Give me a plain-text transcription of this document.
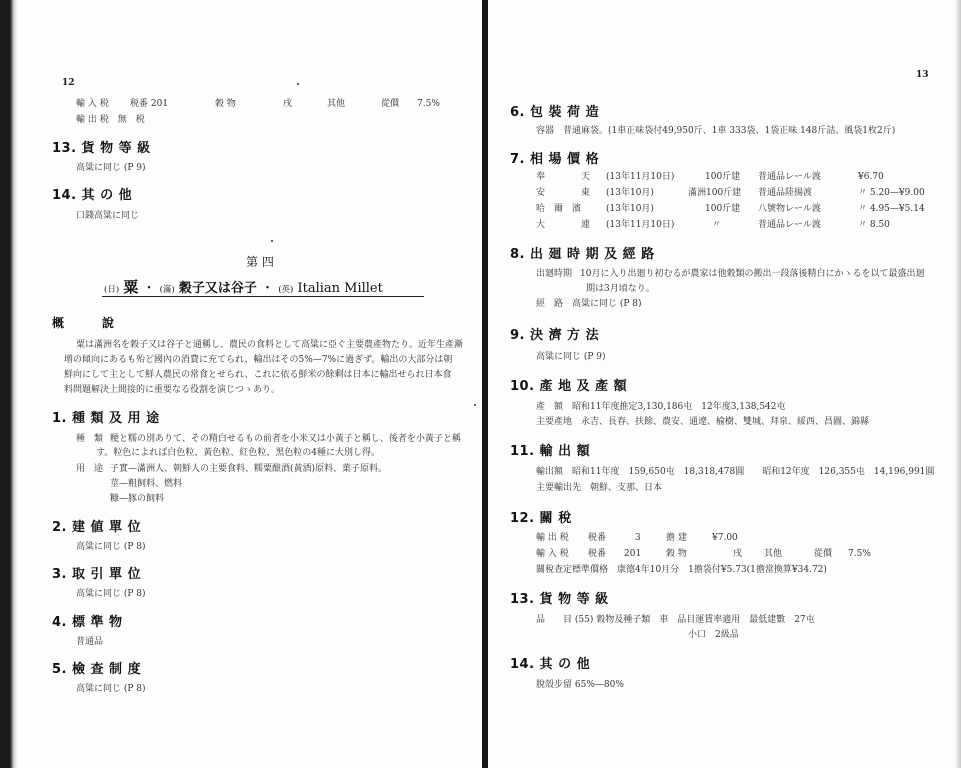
12
輸 入 税 税番 201	穀 物	戌	其他	從價 7.5%
輸 出 税　無　税
13. 貨 物 等 級
高粱に同じ (P 9)
14. 其 の 他
口錢高粱に同じ
第 四
(日) 粟 ・ (滿) 穀子又は谷子 ・ (英) Italian Millet
概　　　說
粟は滿洲名を穀子又は谷子と通稱し、農民の食料として高粱に亞ぐ主要農產物たり。近年生產漸
增の傾向にあるも殆ど國內の消費に充てられ、輸出はその5%—7%に過ぎず。輸出の大部分は朝
鮮向にして主として鮮人農民の常食とせられ、これに依る鮮米の餘剩は日本に輸出せられ日本食
料問題解決上間接的に重要なる役割を演じつゝあり。
1. 種 類 及 用 途
種　類 粳と糯の別ありて、その精白せるもの前者を小米又は小黃子と稱し、後者を小黃子と稱
す。粒色によれば白色粒、黃色粒、紅色粒、黑色粒の4種に大別し得。
用　途 子實—滿洲人、朝鮮人の主要食料、糯粟酿酒(黃酒)原料、菓子原料。
莖—粗飼料、燃料
糠—豚の飼料
2. 建 値 單 位
高粱に同じ (P 8)
3. 取 引 單 位
高粱に同じ (P 8)
4. 標 準 物
普通品
5. 檢 查 制 度
高粱に同じ (P 8)
13
6. 包 裝 荷 造
容器　普通麻袋。(1車正味袋付49,950斤、1車 333袋、1袋正味 148斤詰、風袋1枚2斤)
7. 相 場 價 格
奉　　　　天 (13年11月10日)	100斤建 普通品レール渡	¥6.70
安　　　　東 (13年10月)	滿洲100斤建 普通品陸揚渡	〃 5.20—¥9.00
哈　爾　濱	(13年10月)	100斤建 八號物レール渡	〃 4.95—¥5.14
大　　　　連 (13年11月10日)	〃	普通品レール渡	〃 8.50
8. 出 廻 時 期 及 經 路
出廻時期 10月に入り出廻り初むるが農家は他穀類の搬出一段落後精白にかゝるを以て最盛出迴
期は3月頃なり。
經　路　高粱に同じ (P 8)
9. 決 濟 方 法
高粱に同じ (P 9)
10. 產 地 及 產 額
產　額　昭和11年度推定3,130,186屯　12年度3,138,542屯
主要產地　永吉、長春、扶餘、農安、通遼、榆樹、雙城、拜泉、綏西、昌圖、錦縣
11. 輸 出 額
輸出額　昭和11年度　159,650屯　18,318,478圓　　昭和12年度　126,355屯　14,196,991圓
主要輸出先　朝鮮、支那、日本
12. 關 稅
輸 出 税 税番	3	擔 建	¥7.00
輸 入 税 税番 201	穀 物	戌 其他	從價 7.5%
關稅查定標準價格　康德4年10月分　1擔袋付¥5.73(1擔當換算¥34.72)
13. 貨 物 等 級
品　　目 (55) 穀物及種子類　車　品目運賃率適用　最低建數　27屯
小口　2級品
14. 其 の 他
脫殼步留 65%—80%
